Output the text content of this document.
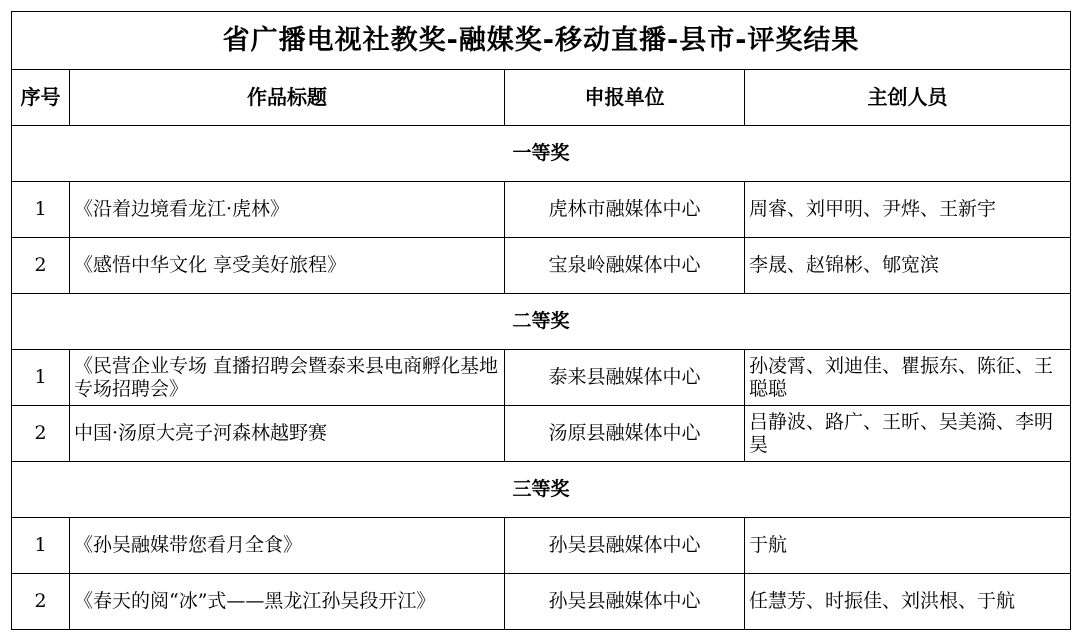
省广播电视社教奖-融媒奖-移动直播-县市-评奖结果			
序号	作品标题	申报单位	主创人员
一等奖			
1	《沿着边境看龙江·虎林》	虎林市融媒体中心	周睿、刘甲明、尹烨、王新宇
2	《感悟中华文化 享受美好旅程》	宝泉岭融媒体中心	李晟、赵锦彬、郇宽滨
二等奖			
1	《民营企业专场 直播招聘会暨泰来县电商孵化基地专场招聘会》	泰来县融媒体中心	孙凌霄、刘迪佳、瞿振东、陈征、王聪聪
2	中国·汤原大亮子河森林越野赛	汤原县融媒体中心	吕静波、路广、王昕、吴美漪、李明昊
三等奖			
1	《孙吴融媒带您看月全食》	孙吴县融媒体中心	于航
2	《春天的阅“冰”式——黑龙江孙吴段开江》	孙吴县融媒体中心	任慧芳、时振佳、刘洪根、于航
